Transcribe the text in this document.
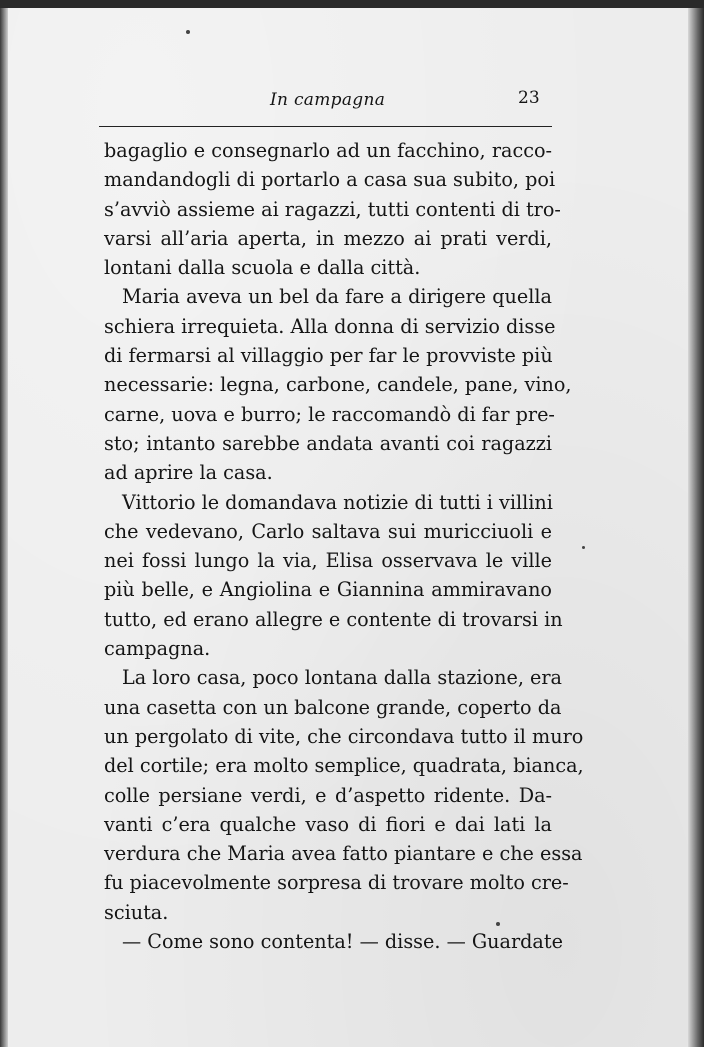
In campagna	23
bagaglio e consegnarlo ad un facchino, racco-
mandandogli di portarlo a casa sua subito, poi
s’avviò assieme ai ragazzi, tutti contenti di tro-
varsi all’aria aperta, in mezzo ai prati verdi,
lontani dalla scuola e dalla città.
Maria aveva un bel da fare a dirigere quella
schiera irrequieta. Alla donna di servizio disse
di fermarsi al villaggio per far le provviste più
necessarie: legna, carbone, candele, pane, vino,
carne, uova e burro; le raccomandò di far pre-
sto; intanto sarebbe andata avanti coi ragazzi
ad aprire la casa.
Vittorio le domandava notizie di tutti i villini
che vedevano, Carlo saltava sui muricciuoli e
nei fossi lungo la via, Elisa osservava le ville
più belle, e Angiolina e Giannina ammiravano
tutto, ed erano allegre e contente di trovarsi in
campagna.
La loro casa, poco lontana dalla stazione, era
una casetta con un balcone grande, coperto da
un pergolato di vite, che circondava tutto il muro
del cortile; era molto semplice, quadrata, bianca,
colle persiane verdi, e d’aspetto ridente. Da-
vanti c’era qualche vaso di fiori e dai lati la
verdura che Maria avea fatto piantare e che essa
fu piacevolmente sorpresa di trovare molto cre-
sciuta.
— Come sono contenta! — disse. — Guardate
